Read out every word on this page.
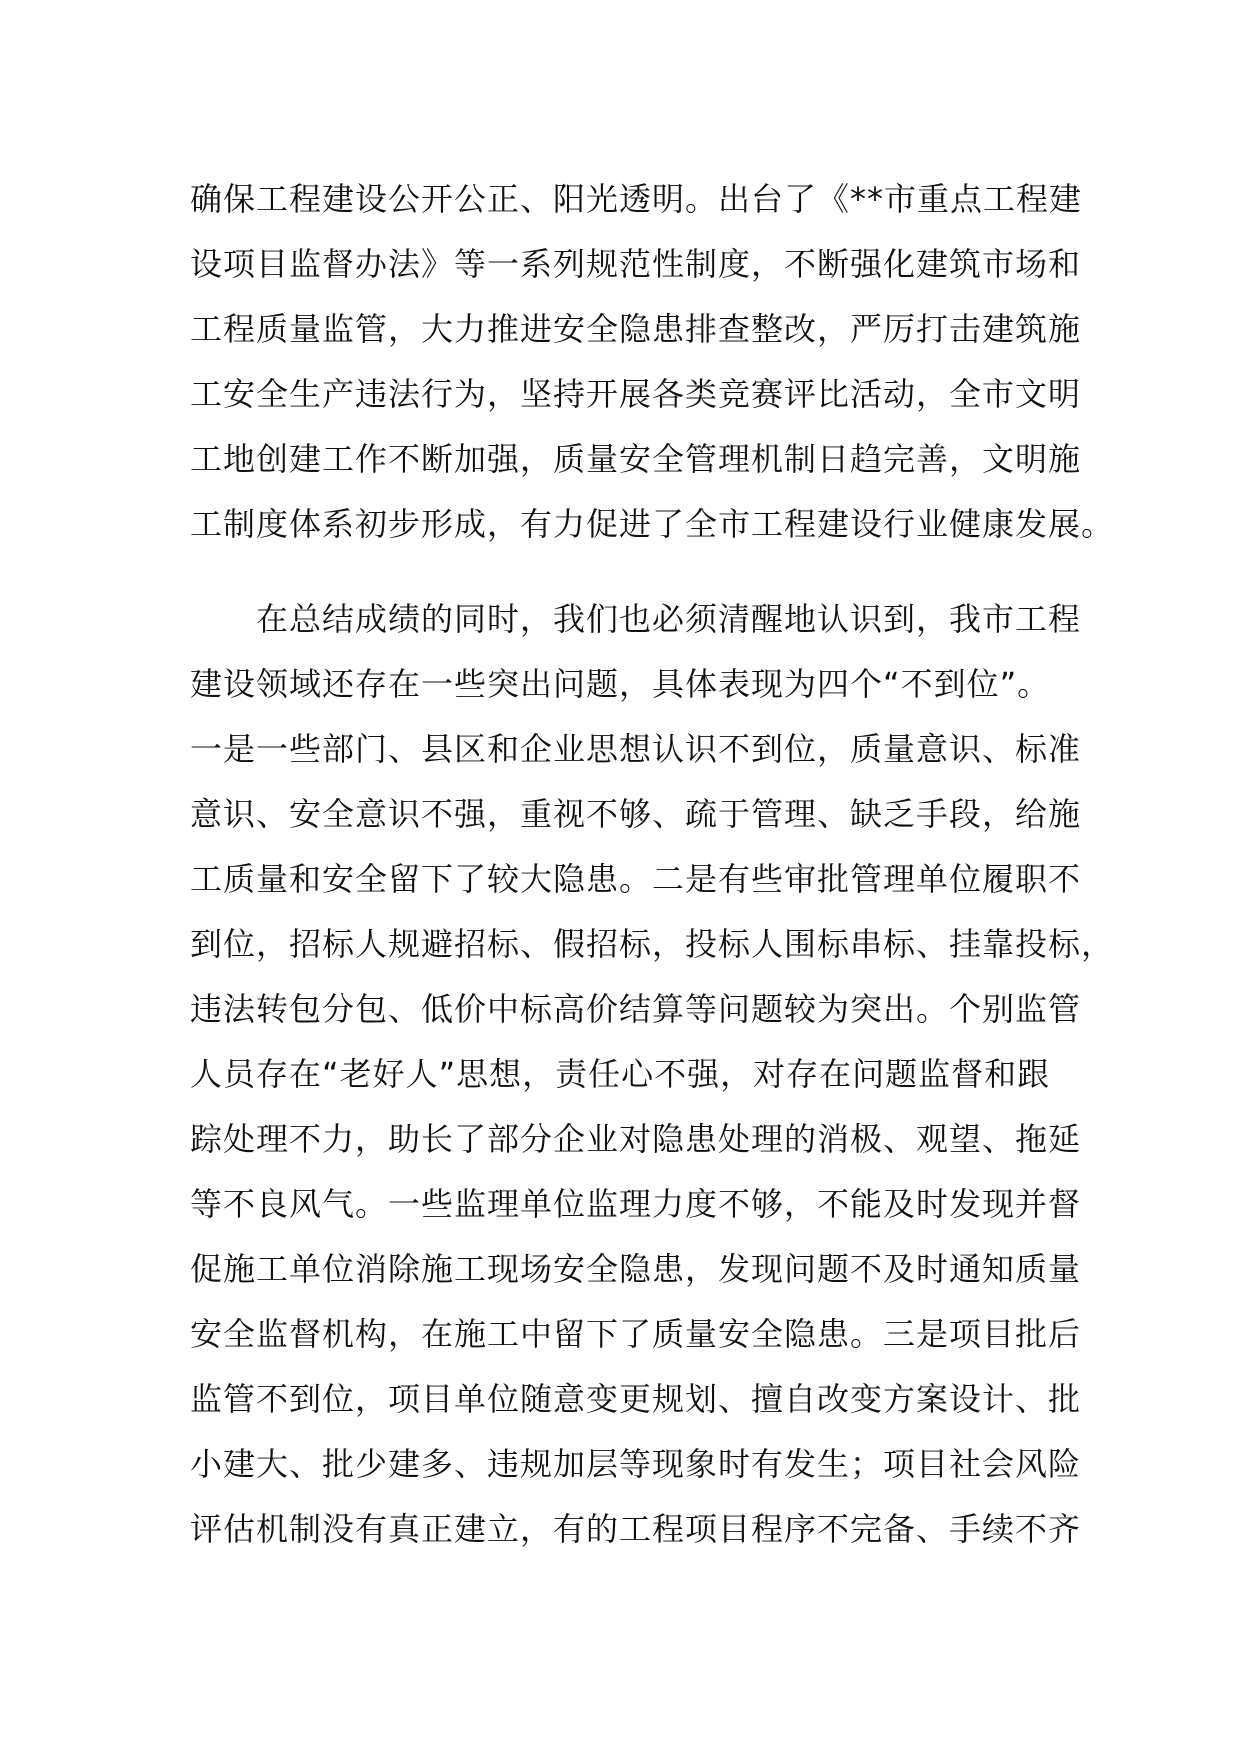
确保工程建设公开公正、阳光透明。出台了《**市重点工程建

设项目监督办法》等一系列规范性制度，不断强化建筑市场和

工程质量监管，大力推进安全隐患排查整改，严厉打击建筑施

工安全生产违法行为，坚持开展各类竞赛评比活动，全市文明

工地创建工作不断加强，质量安全管理机制日趋完善，文明施

工制度体系初步形成，有力促进了全市工程建设行业健康发展。

　　在总结成绩的同时，我们也必须清醒地认识到，我市工程

建设领域还存在一些突出问题，具体表现为四个“不到位”。

一是一些部门、县区和企业思想认识不到位，质量意识、标准

意识、安全意识不强，重视不够、疏于管理、缺乏手段，给施

工质量和安全留下了较大隐患。二是有些审批管理单位履职不

到位，招标人规避招标、假招标，投标人围标串标、挂靠投标，

违法转包分包、低价中标高价结算等问题较为突出。个别监管

人员存在“老好人”思想，责任心不强，对存在问题监督和跟

踪处理不力，助长了部分企业对隐患处理的消极、观望、拖延

等不良风气。一些监理单位监理力度不够，不能及时发现并督

促施工单位消除施工现场安全隐患，发现问题不及时通知质量

安全监督机构，在施工中留下了质量安全隐患。三是项目批后

监管不到位，项目单位随意变更规划、擅自改变方案设计、批

小建大、批少建多、违规加层等现象时有发生；项目社会风险

评估机制没有真正建立，有的工程项目程序不完备、手续不齐
